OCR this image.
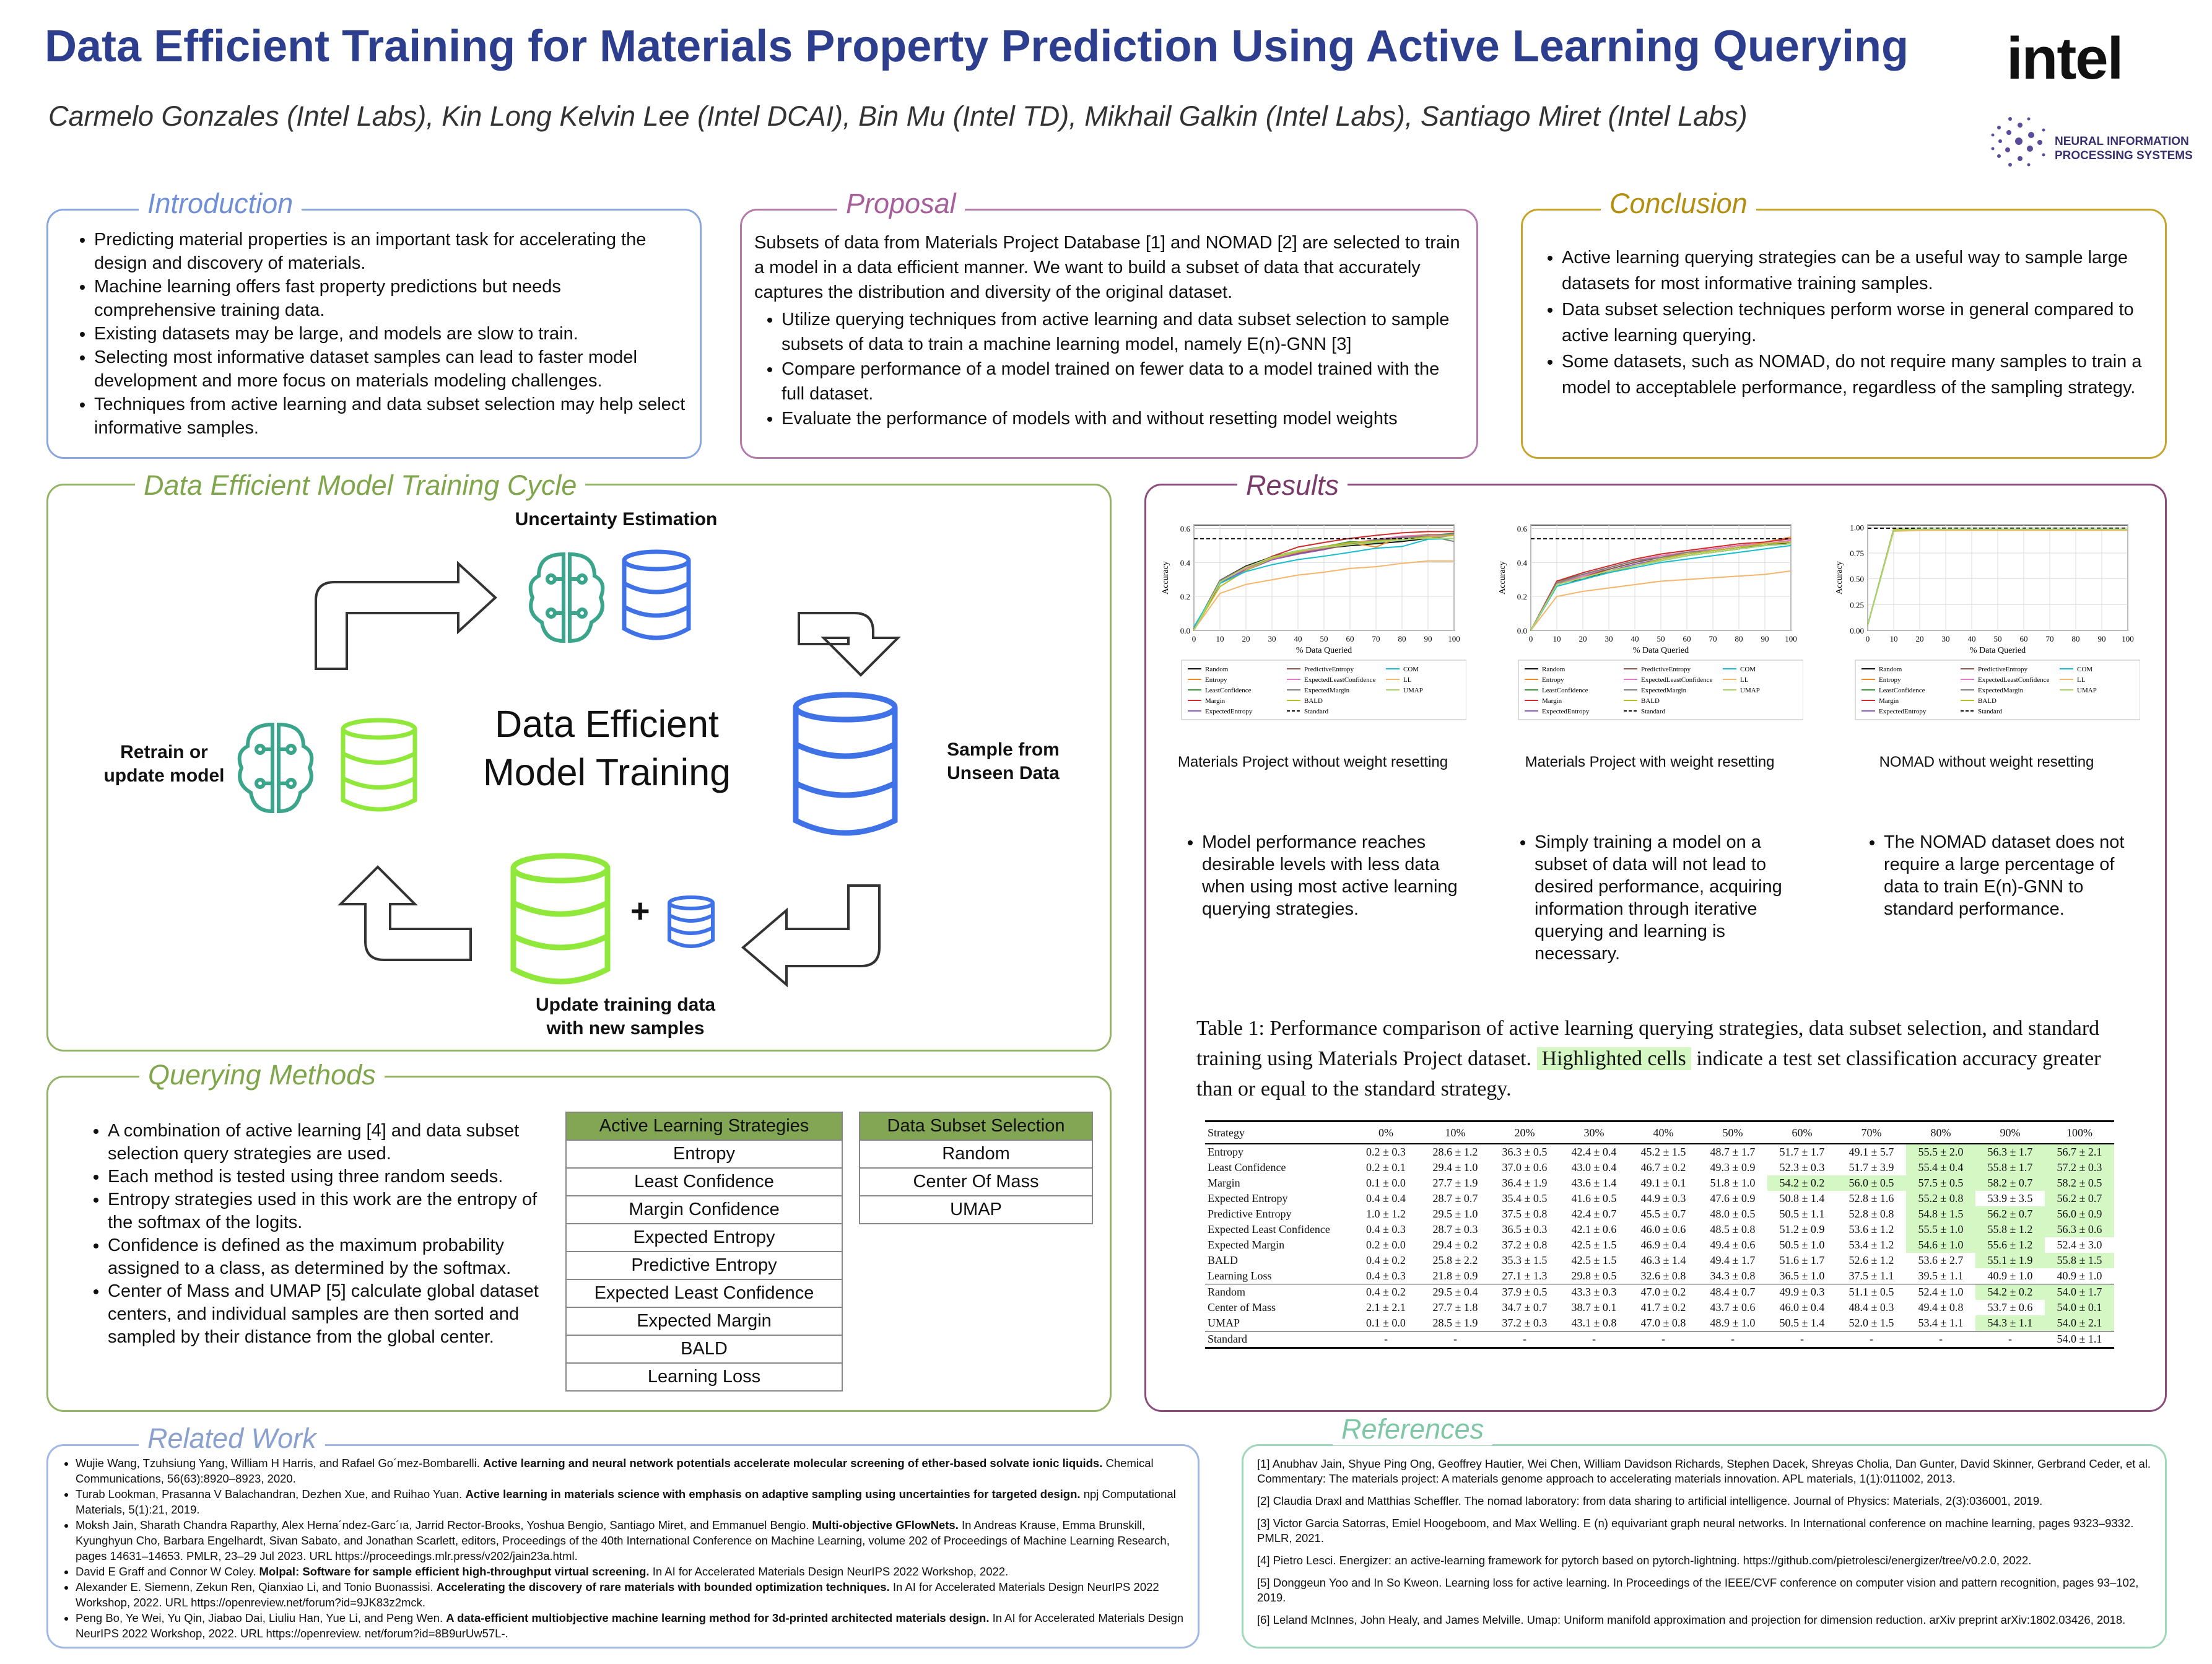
Data Efficient Training for Materials Property Prediction Using Active Learning Querying
Carmelo Gonzales (Intel Labs), Kin Long Kelvin Lee (Intel DCAI), Bin Mu (Intel TD), Mikhail Galkin (Intel Labs), Santiago Miret (Intel Labs)
intel
NEURAL INFORMATION
PROCESSING SYSTEMS
Introduction
• Predicting material properties is an important task for accelerating the design and discovery of materials.
• Machine learning offers fast property predictions but needs comprehensive training data.
• Existing datasets may be large, and models are slow to train.
• Selecting most informative dataset samples can lead to faster model development and more focus on materials modeling challenges.
• Techniques from active learning and data subset selection may help select informative samples.
Proposal
Subsets of data from Materials Project Database [1] and NOMAD [2] are selected to train a model in a data efficient manner. We want to build a subset of data that accurately captures the distribution and diversity of the original dataset.
• Utilize querying techniques from active learning and data subset selection to sample subsets of data to train a machine learning model, namely E(n)-GNN [3]
• Compare performance of a model trained on fewer data to a model trained with the full dataset.
• Evaluate the performance of models with and without resetting model weights
Conclusion
• Active learning querying strategies can be a useful way to sample large datasets for most informative training samples.
• Data subset selection techniques perform worse in general compared to active learning querying.
• Some datasets, such as NOMAD, do not require many samples to train a model to acceptablele performance, regardless of the sampling strategy.
Data Efficient Model Training Cycle
+
Data Efficient
Model Training
Uncertainty Estimation
Sample from
Unseen Data
Update training data
with new samples
Retrain or
update model
Querying Methods
• A combination of active learning [4] and data subset selection query strategies are used.
• Each method is tested using three random seeds.
• Entropy strategies used in this work are the entropy of the softmax of the logits.
• Confidence is defined as the maximum probability assigned to a class, as determined by the softmax.
• Center of Mass and UMAP [5] calculate global dataset centers, and individual samples are then sorted and sampled by their distance from the global center.
Active Learning Strategies
Entropy
Least Confidence
Margin Confidence
Expected Entropy
Predictive Entropy
Expected Least Confidence
Expected Margin
BALD
Learning Loss
Data Subset Selection
Random
Center Of Mass
UMAP
Results
0.0
0.2
0.4
0.6
0 10 20 30 40 50 60 70 80 90 100
% Data Queried
Accuracy
Random
Entropy
LeastConfidence
Margin
ExpectedEntropy
PredictiveEntropy
ExpectedLeastConfidence
ExpectedMargin
BALD
Standard
COM
LL
UMAP
0.0
0.2
0.4
0.6
0 10 20 30 40 50 60 70 80 90 100
% Data Queried
Accuracy
Random
Entropy
LeastConfidence
Margin
ExpectedEntropy
PredictiveEntropy
ExpectedLeastConfidence
ExpectedMargin
BALD
Standard
COM
LL
UMAP
0.00
0.25
0.50
0.75
1.00
0 10 20 30 40 50 60 70 80 90 100
% Data Queried
Accuracy
Random
Entropy
LeastConfidence
Margin
ExpectedEntropy
PredictiveEntropy
ExpectedLeastConfidence
ExpectedMargin
BALD
Standard
COM
LL
UMAP
Materials Project without weight resetting	Materials Project with weight resetting	NOMAD without weight resetting
• Model performance reaches desirable levels with less data when using most active learning querying strategies.
• Simply training a model on a subset of data will not lead to desired performance, acquiring information through iterative querying and learning is necessary.
• The NOMAD dataset does not require a large percentage of data to train E(n)-GNN to standard performance.
Table 1: Performance comparison of active learning querying strategies, data subset selection, and standard training using Materials Project dataset. Highlighted cells indicate a test set classification accuracy greater than or equal to the standard strategy.
Strategy	0%	10%	20%	30%	40%	50%	60%	70%	80%	90%	100%
Entropy	0.2 ± 0.3	28.6 ± 1.2	36.3 ± 0.5	42.4 ± 0.4	45.2 ± 1.5	48.7 ± 1.7	51.7 ± 1.7	49.1 ± 5.7	55.5 ± 2.0	56.3 ± 1.7	56.7 ± 2.1
Least Confidence	0.2 ± 0.1	29.4 ± 1.0	37.0 ± 0.6	43.0 ± 0.4	46.7 ± 0.2	49.3 ± 0.9	52.3 ± 0.3	51.7 ± 3.9	55.4 ± 0.4	55.8 ± 1.7	57.2 ± 0.3
Margin	0.1 ± 0.0	27.7 ± 1.9	36.4 ± 1.9	43.6 ± 1.4	49.1 ± 0.1	51.8 ± 1.0	54.2 ± 0.2	56.0 ± 0.5	57.5 ± 0.5	58.2 ± 0.7	58.2 ± 0.5
Expected Entropy	0.4 ± 0.4	28.7 ± 0.7	35.4 ± 0.5	41.6 ± 0.5	44.9 ± 0.3	47.6 ± 0.9	50.8 ± 1.4	52.8 ± 1.6	55.2 ± 0.8	53.9 ± 3.5	56.2 ± 0.7
Predictive Entropy	1.0 ± 1.2	29.5 ± 1.0	37.5 ± 0.8	42.4 ± 0.7	45.5 ± 0.7	48.0 ± 0.5	50.5 ± 1.1	52.8 ± 0.8	54.8 ± 1.5	56.2 ± 0.7	56.0 ± 0.9
Expected Least Confidence	0.4 ± 0.3	28.7 ± 0.3	36.5 ± 0.3	42.1 ± 0.6	46.0 ± 0.6	48.5 ± 0.8	51.2 ± 0.9	53.6 ± 1.2	55.5 ± 1.0	55.8 ± 1.2	56.3 ± 0.6
Expected Margin	0.2 ± 0.0	29.4 ± 0.2	37.2 ± 0.8	42.5 ± 1.5	46.9 ± 0.4	49.4 ± 0.6	50.5 ± 1.0	53.4 ± 1.2	54.6 ± 1.0	55.6 ± 1.2	52.4 ± 3.0
BALD	0.4 ± 0.2	25.8 ± 2.2	35.3 ± 1.5	42.5 ± 1.5	46.3 ± 1.4	49.4 ± 1.7	51.6 ± 1.7	52.6 ± 1.2	53.6 ± 2.7	55.1 ± 1.9	55.8 ± 1.5
Learning Loss	0.4 ± 0.3	21.8 ± 0.9	27.1 ± 1.3	29.8 ± 0.5	32.6 ± 0.8	34.3 ± 0.8	36.5 ± 1.0	37.5 ± 1.1	39.5 ± 1.1	40.9 ± 1.0	40.9 ± 1.0
Random	0.4 ± 0.2	29.5 ± 0.4	37.9 ± 0.5	43.3 ± 0.3	47.0 ± 0.2	48.4 ± 0.7	49.9 ± 0.3	51.1 ± 0.5	52.4 ± 1.0	54.2 ± 0.2	54.0 ± 1.7
Center of Mass	2.1 ± 2.1	27.7 ± 1.8	34.7 ± 0.7	38.7 ± 0.1	41.7 ± 0.2	43.7 ± 0.6	46.0 ± 0.4	48.4 ± 0.3	49.4 ± 0.8	53.7 ± 0.6	54.0 ± 0.1
UMAP	0.1 ± 0.0	28.5 ± 1.9	37.2 ± 0.3	43.1 ± 0.8	47.0 ± 0.8	48.9 ± 1.0	50.5 ± 1.4	52.0 ± 1.5	53.4 ± 1.1	54.3 ± 1.1	54.0 ± 2.1
Standard	-	-	-	-	-	-	-	-	-	-	54.0 ± 1.1
Related Work
• Wujie Wang, Tzuhsiung Yang, William H Harris, and Rafael Go´mez-Bombarelli. Active learning and neural network potentials accelerate molecular screening of ether-based solvate ionic liquids. Chemical Communications, 56(63):8920–8923, 2020.
• Turab Lookman, Prasanna V Balachandran, Dezhen Xue, and Ruihao Yuan. Active learning in materials science with emphasis on adaptive sampling using uncertainties for targeted design. npj Computational Materials, 5(1):21, 2019.
• Moksh Jain, Sharath Chandra Raparthy, Alex Herna´ndez-Garc´ıa, Jarrid Rector-Brooks, Yoshua Bengio, Santiago Miret, and Emmanuel Bengio. Multi-objective GFlowNets. In Andreas Krause, Emma Brunskill, Kyunghyun Cho, Barbara Engelhardt, Sivan Sabato, and Jonathan Scarlett, editors, Proceedings of the 40th International Conference on Machine Learning, volume 202 of Proceedings of Machine Learning Research, pages 14631–14653. PMLR, 23–29 Jul 2023. URL https://proceedings.mlr.press/v202/jain23a.html.
• David E Graff and Connor W Coley. Molpal: Software for sample efficient high-throughput virtual screening. In AI for Accelerated Materials Design NeurIPS 2022 Workshop, 2022.
• Alexander E. Siemenn, Zekun Ren, Qianxiao Li, and Tonio Buonassisi. Accelerating the discovery of rare materials with bounded optimization techniques. In AI for Accelerated Materials Design NeurIPS 2022 Workshop, 2022. URL https://openreview.net/forum?id=9JK83z2mck.
• Peng Bo, Ye Wei, Yu Qin, Jiabao Dai, Liuliu Han, Yue Li, and Peng Wen. A data-efficient multiobjective machine learning method for 3d-printed architected materials design. In AI for Accelerated Materials Design NeurIPS 2022 Workshop, 2022. URL https://openreview. net/forum?id=8B9urUw57L-.
References
[1] Anubhav Jain, Shyue Ping Ong, Geoffrey Hautier, Wei Chen, William Davidson Richards, Stephen Dacek, Shreyas Cholia, Dan Gunter, David Skinner, Gerbrand Ceder, et al. Commentary: The materials project: A materials genome approach to accelerating materials innovation. APL materials, 1(1):011002, 2013.
[2] Claudia Draxl and Matthias Scheffler. The nomad laboratory: from data sharing to artificial intelligence. Journal of Physics: Materials, 2(3):036001, 2019.
[3] Victor Garcia Satorras, Emiel Hoogeboom, and Max Welling. E (n) equivariant graph neural networks. In International conference on machine learning, pages 9323–9332. PMLR, 2021.
[4] Pietro Lesci. Energizer: an active-learning framework for pytorch based on pytorch-lightning. https://github.com/pietrolesci/energizer/tree/v0.2.0, 2022.
[5] Donggeun Yoo and In So Kweon. Learning loss for active learning. In Proceedings of the IEEE/CVF conference on computer vision and pattern recognition, pages 93–102, 2019.
[6] Leland McInnes, John Healy, and James Melville. Umap: Uniform manifold approximation and projection for dimension reduction. arXiv preprint arXiv:1802.03426, 2018.
